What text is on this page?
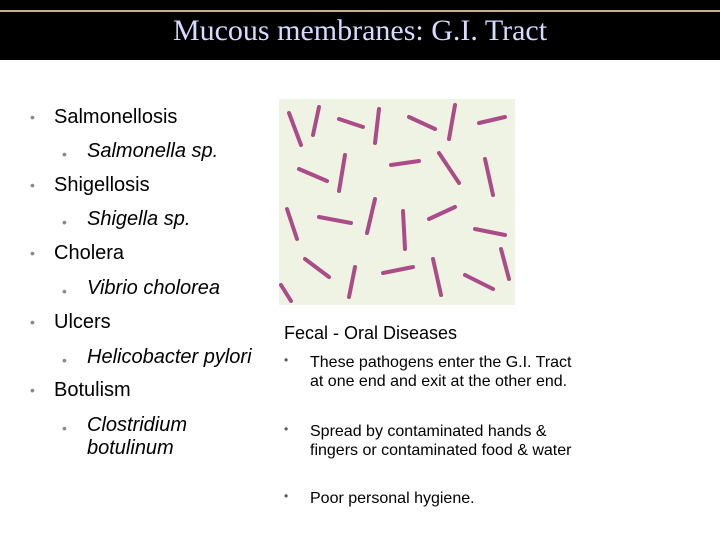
Mucous membranes: G.I. Tract
• Salmonellosis
• Salmonella sp.
• Shigellosis
• Shigella sp.
• Cholera
• Vibrio cholorea
• Ulcers
• Helicobacter pylori
• Botulism
• Clostridium
botulinum
Fecal - Oral Diseases
• These pathogens enter the G.I. Tract at one end and exit at the other end.
• Spread by contaminated hands & fingers or contaminated food & water
• Poor personal hygiene.
